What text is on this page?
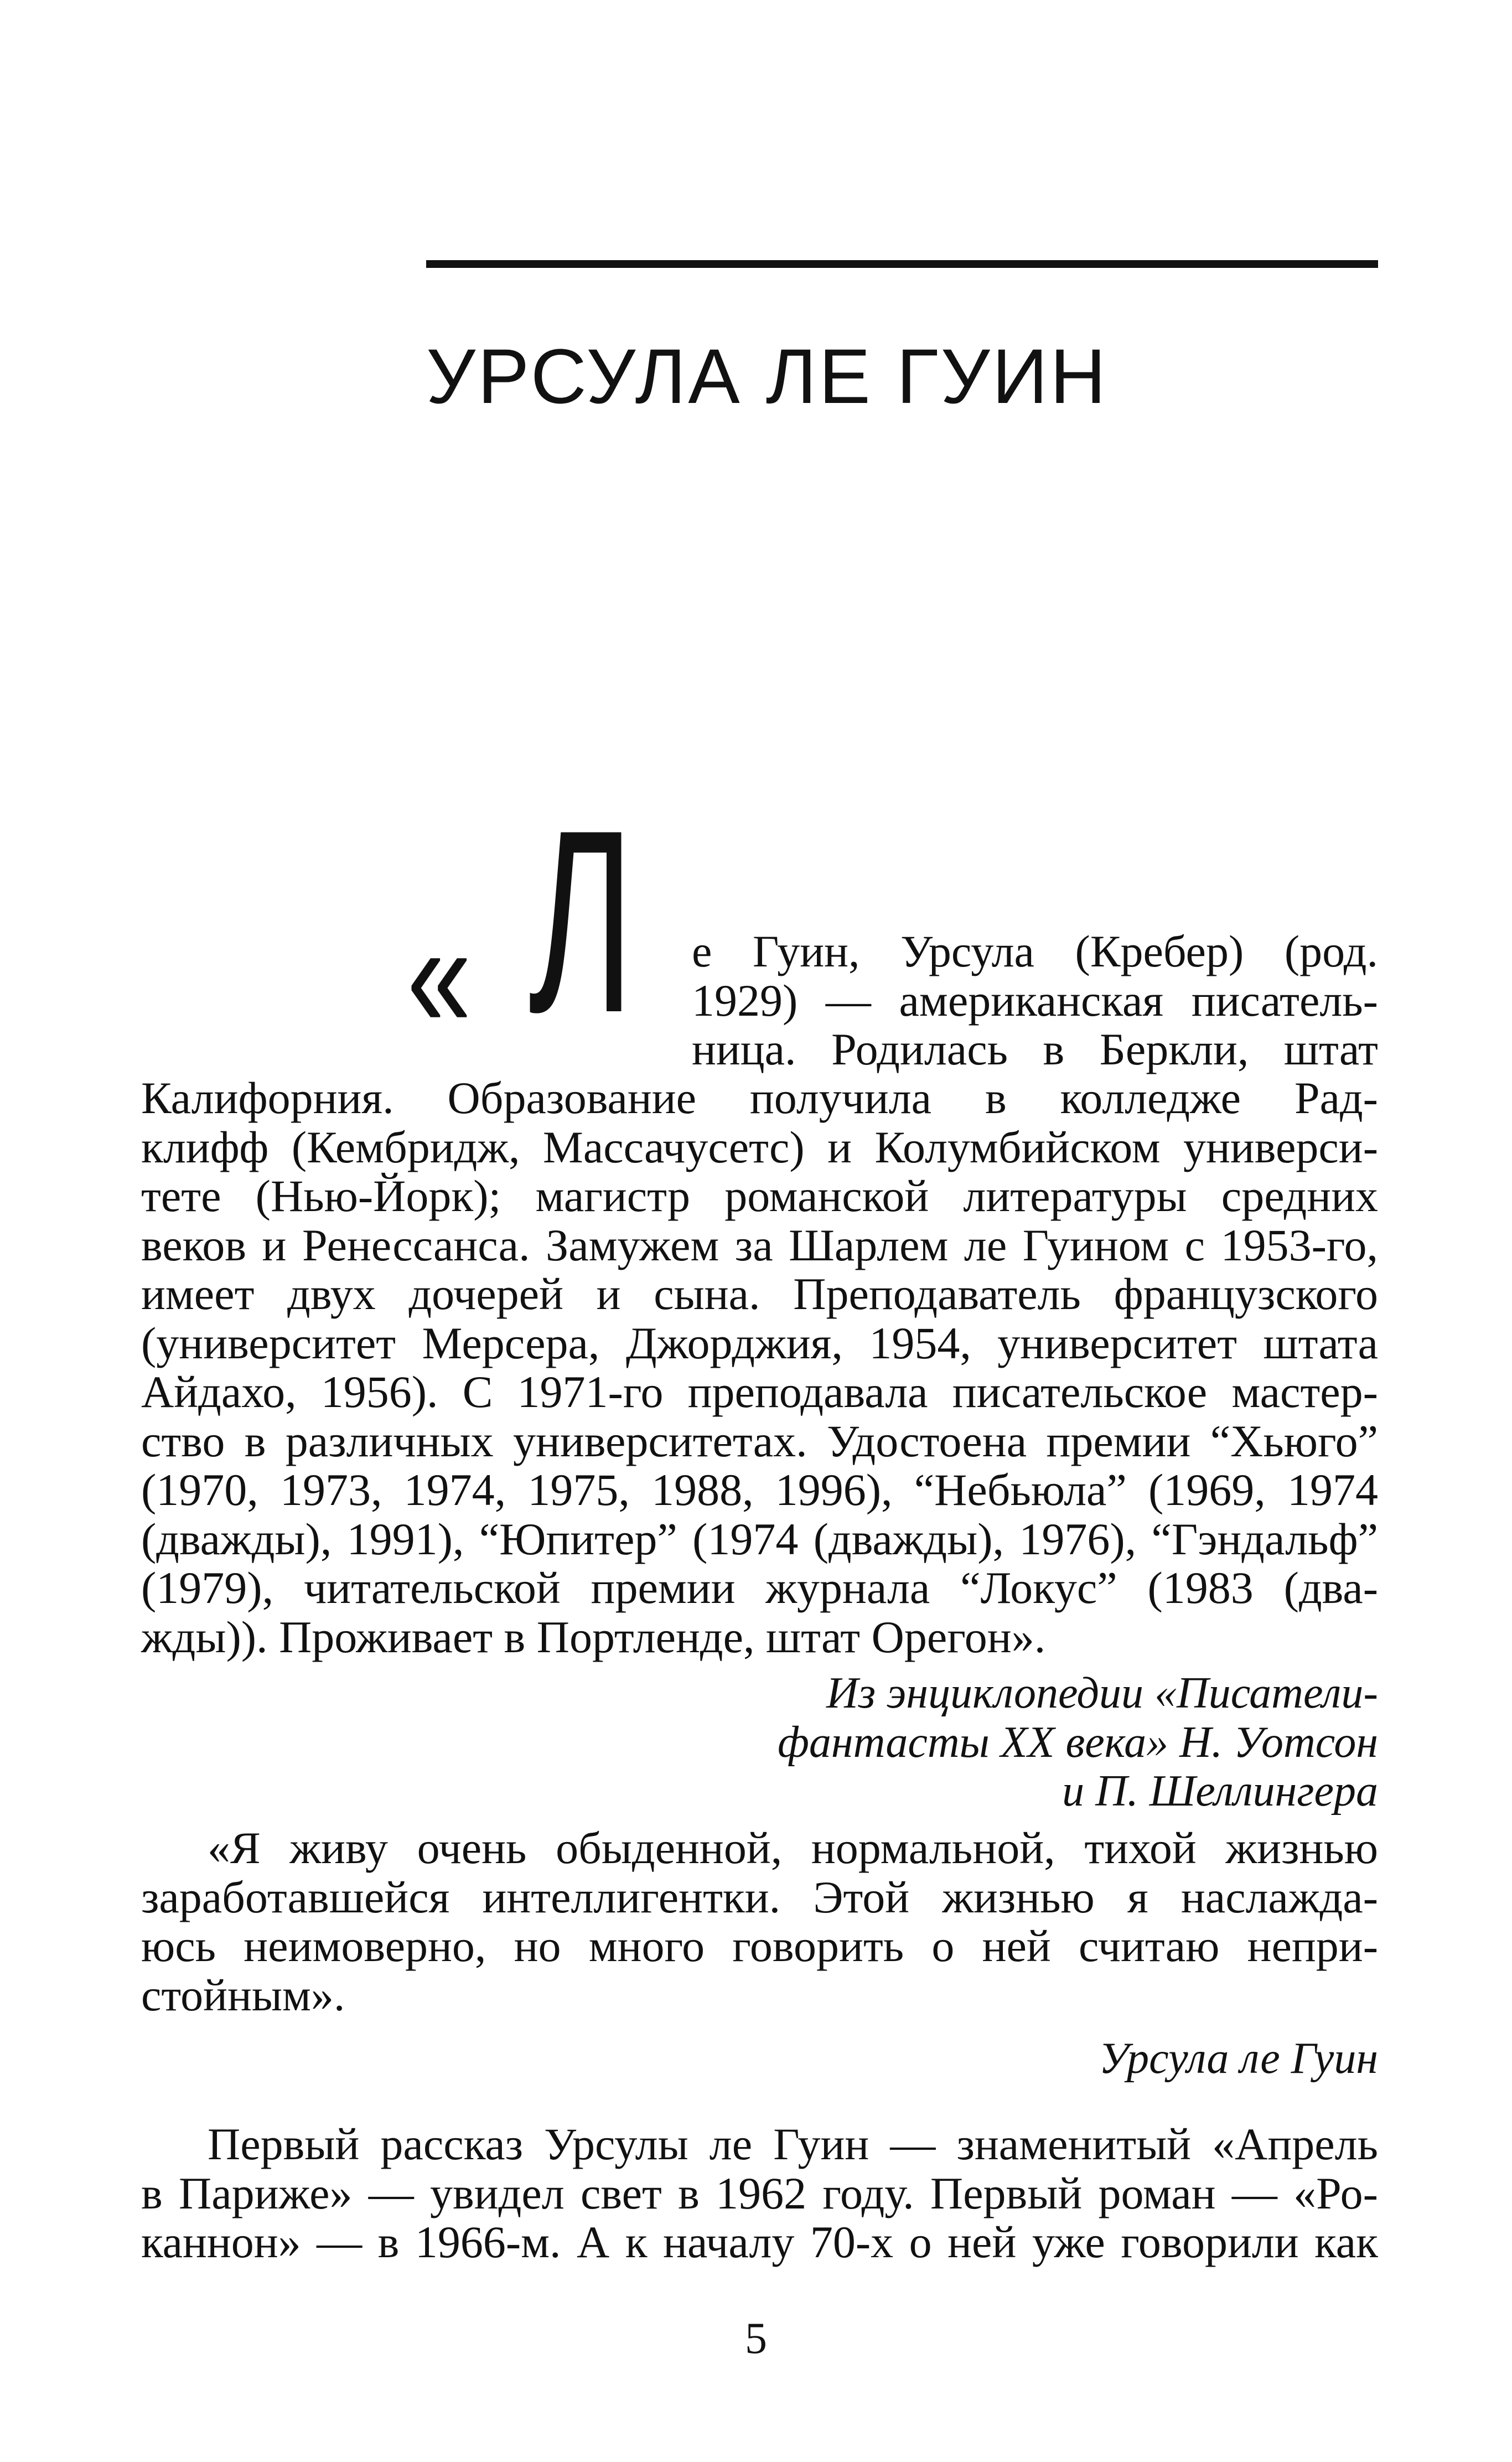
УРСУЛА ЛЕ ГУИН
« Л е Гуин, Урсула (Кребер) (род.
1929) — американская писатель-
ница. Родилась в Беркли, штат
Калифорния. Образование получила в колледже Рад-
клифф (Кембридж, Массачусетс) и Колумбийском универси-
тете (Нью-Йорк); магистр романской литературы средних
веков и Ренессанса. Замужем за Шарлем ле Гуином с 1953-го,
имеет двух дочерей и сына. Преподаватель французского
(университет Мерсера, Джорджия, 1954, университет штата
Айдахо, 1956). С 1971-го преподавала писательское мастер-
ство в различных университетах. Удостоена премии “Хьюго”
(1970, 1973, 1974, 1975, 1988, 1996), “Небьюла” (1969, 1974
(дважды), 1991), “Юпитер” (1974 (дважды), 1976), “Гэндальф”
(1979), читательской премии журнала “Локус” (1983 (два-
жды)). Проживает в Портленде, штат Орегон».
Из энциклопедии «Писатели-
фантасты XX века» Н. Уотсон
и П. Шеллингера
«Я живу очень обыденной, нормальной, тихой жизнью
заработавшейся интеллигентки. Этой жизнью я наслажда-
юсь неимоверно, но много говорить о ней считаю непри-
стойным».
Урсула ле Гуин
Первый рассказ Урсулы ле Гуин — знаменитый «Апрель
в Париже» — увидел свет в 1962 году. Первый роман — «Ро-
каннон» — в 1966-м. А к началу 70-х о ней уже говорили как
5
